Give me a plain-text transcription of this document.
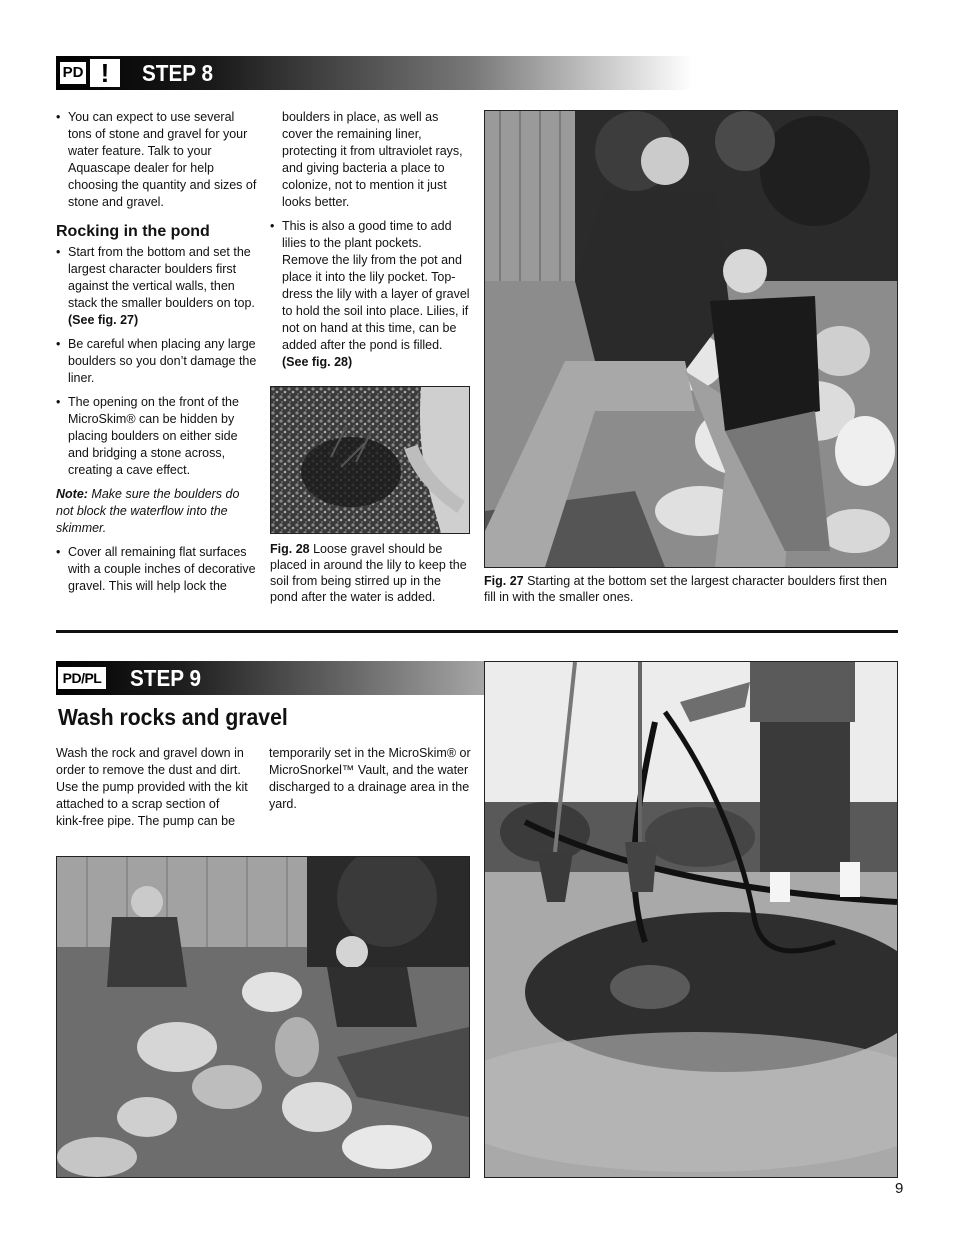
PD !	STEP 8

• You can expect to use several tons of stone and gravel for your water feature. Talk to your Aquascape dealer for help choosing the quantity and sizes of stone and gravel.

Rocking in the pond

• Start from the bottom and set the largest character boulders first against the vertical walls, then stack the smaller boulders on top. (See fig. 27)

• Be careful when placing any large boulders so you don’t damage the liner.

• The opening on the front of the MicroSkim® can be hidden by placing boulders on either side and bridging a stone across, creating a cave effect.

Note: Make sure the boulders do not block the waterflow into the skimmer.

• Cover all remaining flat surfaces with a couple inches of decorative gravel. This will help lock the

boulders in place, as well as cover the remaining liner, protecting it from ultraviolet rays, and giving bacteria a place to colonize, not to mention it just looks better.

• This is also a good time to add lilies to the plant pockets. Remove the lily from the pot and place it into the lily pocket. Top-dress the lily with a layer of gravel to hold the soil into place. Lilies, if not on hand at this time, can be added after the pond is filled. (See fig. 28)

Fig. 28 Loose gravel should be placed in around the lily to keep the soil from being stirred up in the pond after the water is added.
Fig. 27 Starting at the bottom set the largest character boulders first then fill in with the smaller ones.
PD/PL STEP 9
Wash rocks and gravel

Wash the rock and gravel down in order to remove the dust and dirt. Use the pump provided with the kit attached to a scrap section of kink-free pipe. The pump can be

temporarily set in the MicroSkim® or MicroSnorkel™ Vault, and the water discharged to a drainage area in the yard.

9
